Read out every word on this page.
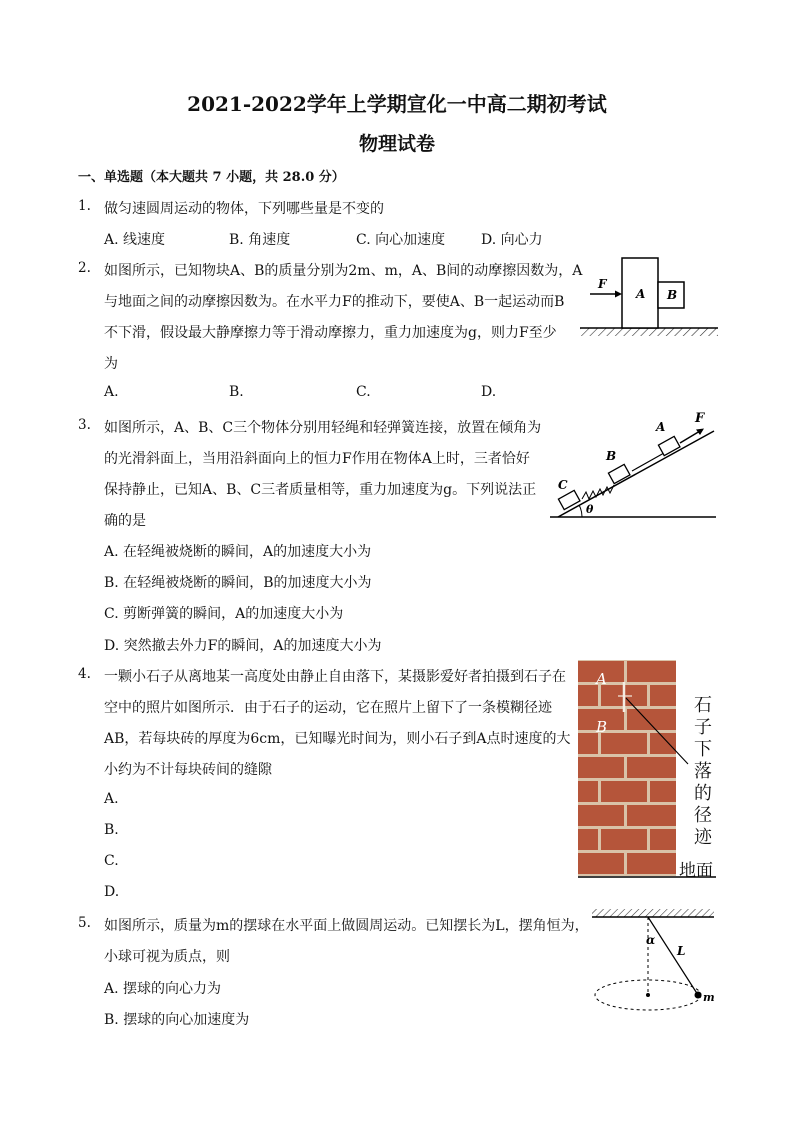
2021-2022学年上学期宣化一中高二期初考试
物理试卷
一、单选题（本大题共 7 小题，共 28.0 分）
1. 做匀速圆周运动的物体，下列哪些量是不变的
A. 线速度	B. 角速度	C. 向心加速度	D. 向心力
2. 如图所示，已知物块A、B的质量分别为2m、m，A、B间的动摩擦因数为，A
与地面之间的动摩擦因数为。在水平力F的推动下，要使A、B一起运动而B
不下滑，假设最大静摩擦力等于滑动摩擦力，重力加速度为g，则力F至少
为
A.	B.	C.	D.
F
A B
3. 如图所示，A、B、C三个物体分别用轻绳和轻弹簧连接，放置在倾角为
的光滑斜面上，当用沿斜面向上的恒力F作用在物体A上时，三者恰好
保持静止，已知A、B、C三者质量相等，重力加速度为g。下列说法正
确的是
A. 在轻绳被烧断的瞬间，A的加速度大小为
B. 在轻绳被烧断的瞬间，B的加速度大小为
C. 剪断弹簧的瞬间，A的加速度大小为
D. 突然撤去外力F的瞬间，A的加速度大小为
θ
F
A
B
C
4. 一颗小石子从离地某一高度处由静止自由落下，某摄影爱好者拍摄到石子在
空中的照片如图所示．由于石子的运动，它在照片上留下了一条模糊径迹
AB，若每块砖的厚度为6cm，已知曝光时间为，则小石子到A点时速度的大
小约为不计每块砖间的缝隙
A.
B.
C.
D.
A
B
石子下落的径迹
地面
5. 如图所示，质量为m的摆球在水平面上做圆周运动。已知摆长为L，摆角恒为，
小球可视为质点，则
A. 摆球的向心力为
B. 摆球的向心加速度为
α
L
m
